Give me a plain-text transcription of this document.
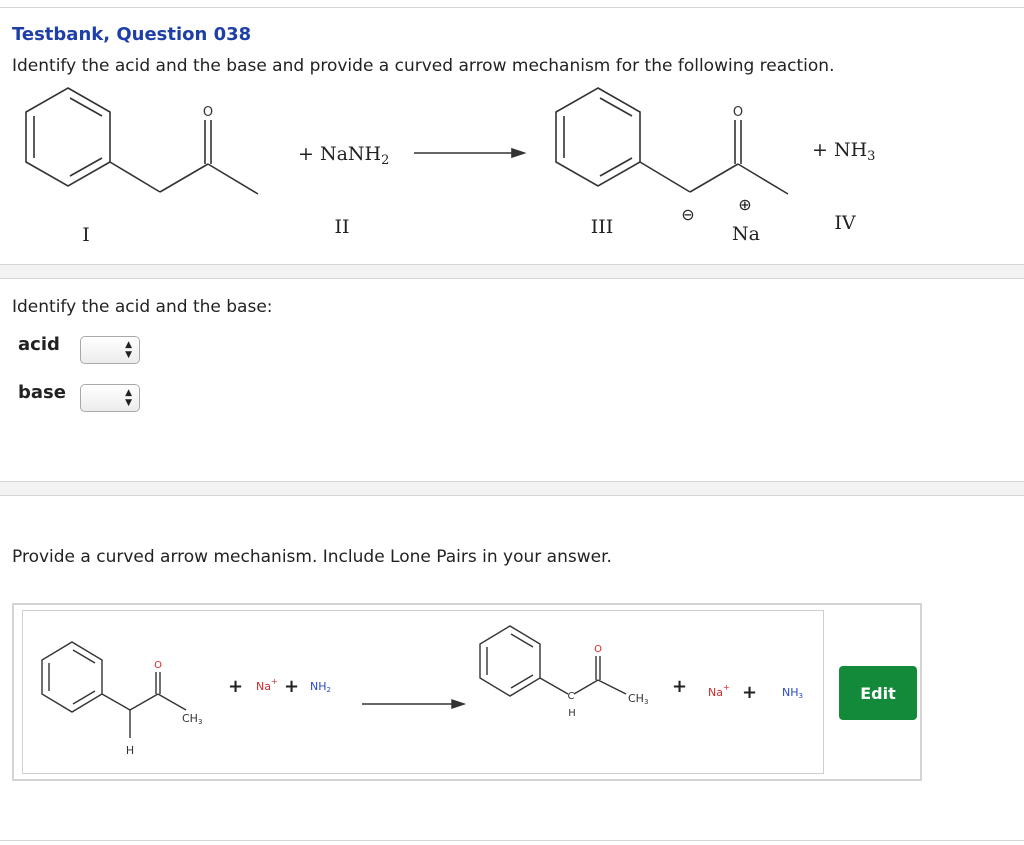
Testbank, Question 038
Identify the acid and the base and provide a curved arrow mechanism for the following reaction.
O	O
+ NaNH$_2$	+ $NH_3$
⊖
⊕
Na
I	II	III	IV
Identify the acid and the base:
acid	▲
▼
base	▲
▼
Provide a curved arrow mechanism. Include Lone Pairs in your answer.
O
CH3
H
+ Na+ + NH2
O
C
H
CH3
+ Na+ + NH3	Edit
